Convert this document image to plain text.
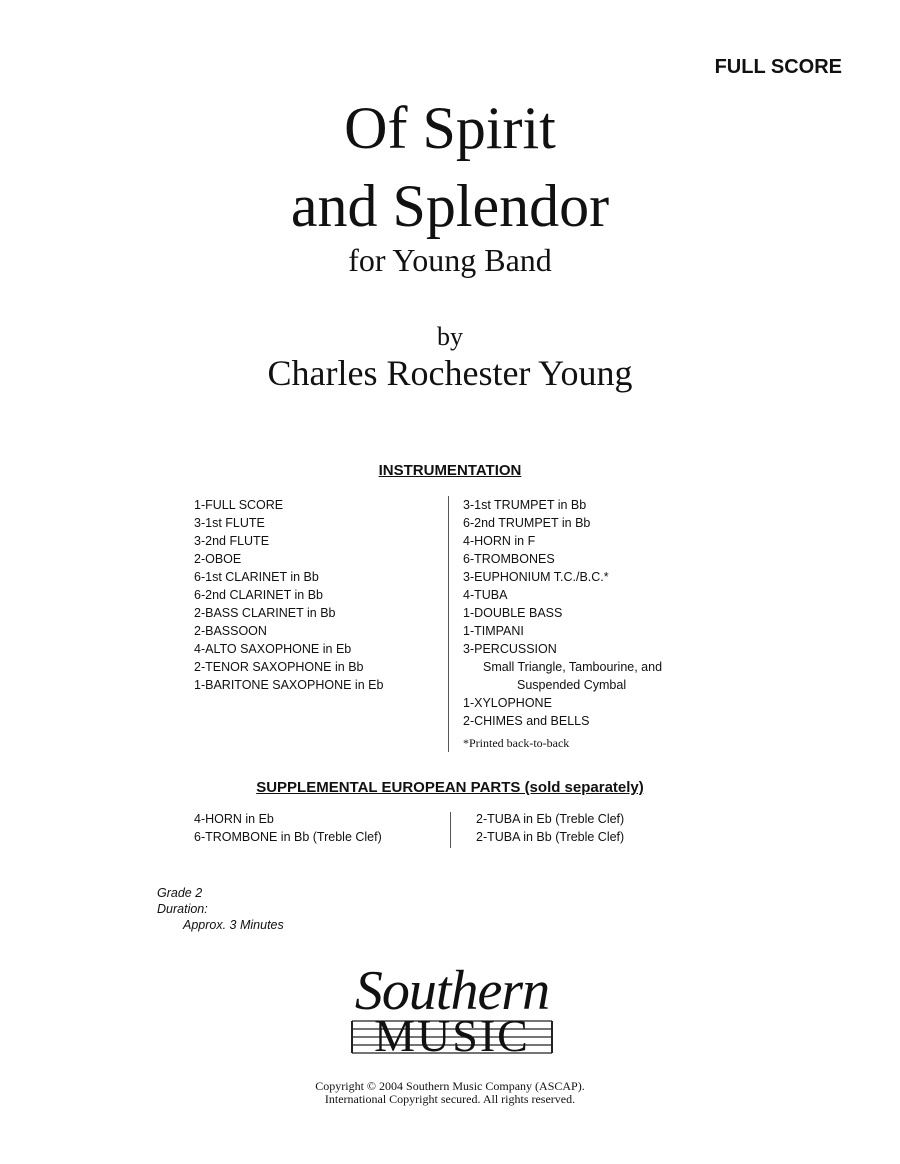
FULL SCORE
Of Spirit
and Splendor
for Young Band
by
Charles Rochester Young
INSTRUMENTATION
1-FULL SCORE
3-1st FLUTE
3-2nd FLUTE
2-OBOE
6-1st CLARINET in Bb
6-2nd CLARINET in Bb
2-BASS CLARINET in Bb
2-BASSOON
4-ALTO SAXOPHONE in Eb
2-TENOR SAXOPHONE in Bb
1-BARITONE SAXOPHONE in Eb
3-1st TRUMPET in Bb
6-2nd TRUMPET in Bb
4-HORN in F
6-TROMBONES
3-EUPHONIUM T.C./B.C.*
4-TUBA
1-DOUBLE BASS
1-TIMPANI
3-PERCUSSION
Small Triangle, Tambourine, and
Suspended Cymbal
1-XYLOPHONE
2-CHIMES and BELLS
*Printed back-to-back
SUPPLEMENTAL EUROPEAN PARTS (sold separately)
4-HORN in Eb
6-TROMBONE in Bb (Treble Clef)
2-TUBA in Eb (Treble Clef)
2-TUBA in Bb (Treble Clef)
Grade 2
Duration:
Approx. 3 Minutes
Southern
MUSIC
Copyright © 2004 Southern Music Company (ASCAP).
International Copyright secured. All rights reserved.
